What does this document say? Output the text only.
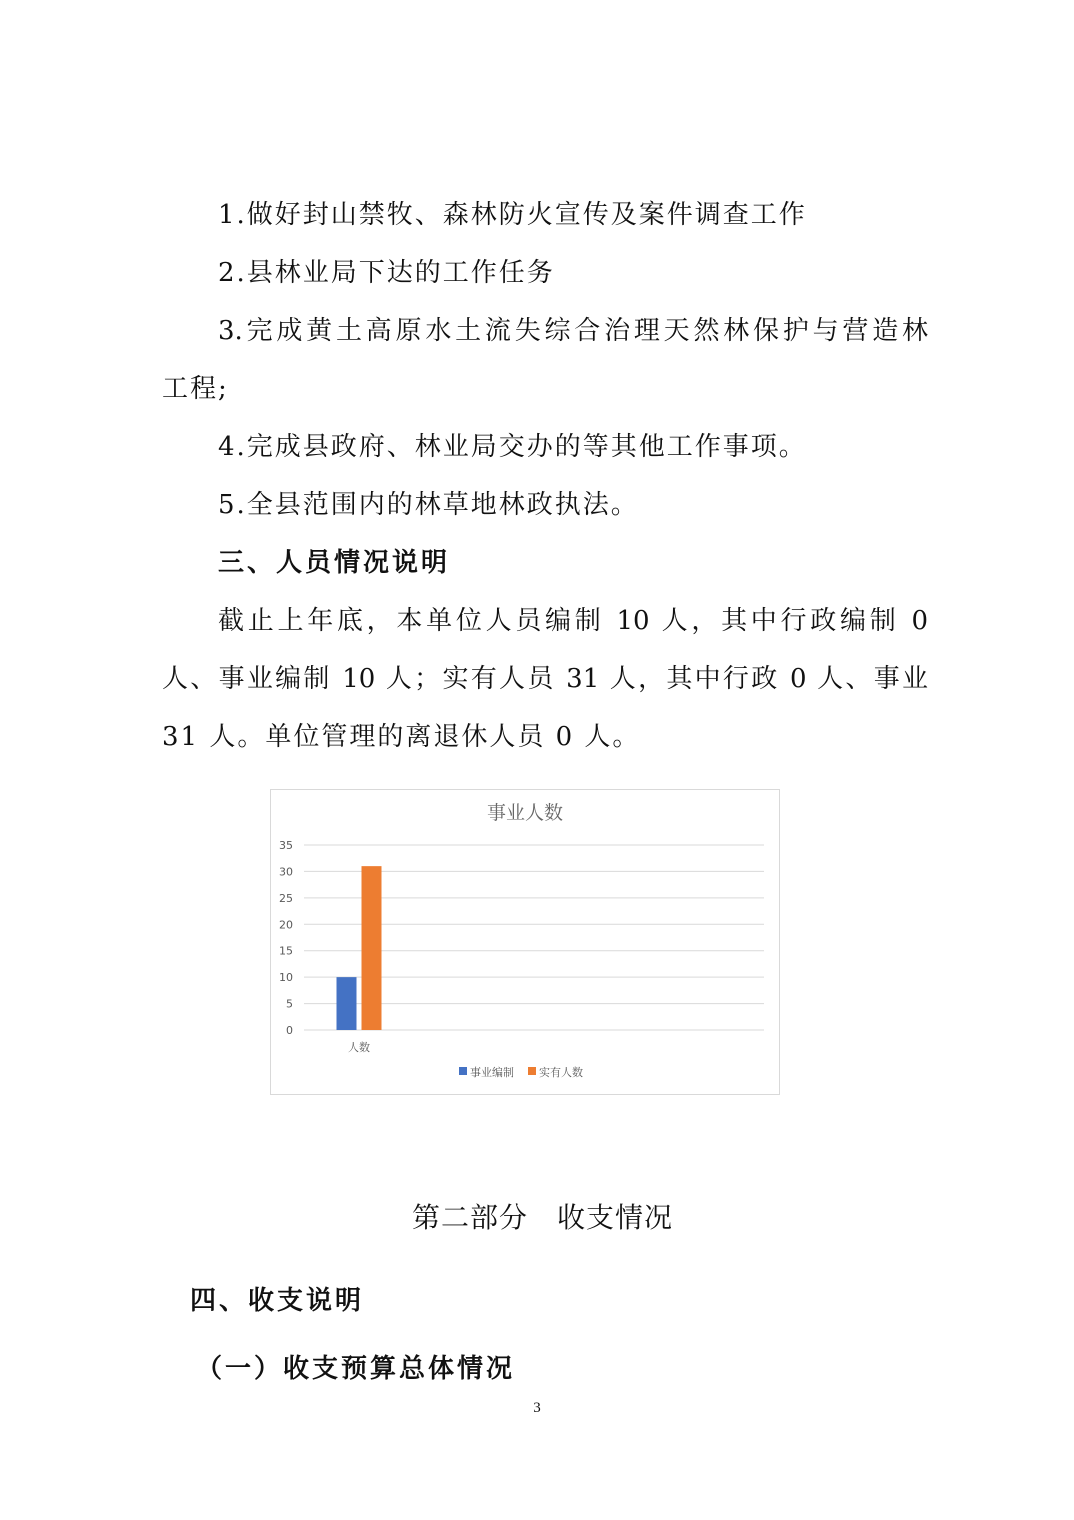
1.做好封山禁牧、森林防火宣传及案件调查工作
2.县林业局下达的工作任务
3.完成黄土高原水土流失综合治理天然林保护与营造林
工程;
4.完成县政府、林业局交办的等其他工作事项。
5.全县范围内的林草地林政执法。
三、人员情况说明
截止上年底，本单位人员编制 10 人，其中行政编制 0
人、事业编制 10 人；实有人员 31 人，其中行政 0 人、事业
31 人。单位管理的离退休人员 0 人。
事业人数
0
5
10
15
20
25
30
35
人数
事业编制 实有人数
第二部分　收支情况
四、收支说明
（一）收支预算总体情况
3
